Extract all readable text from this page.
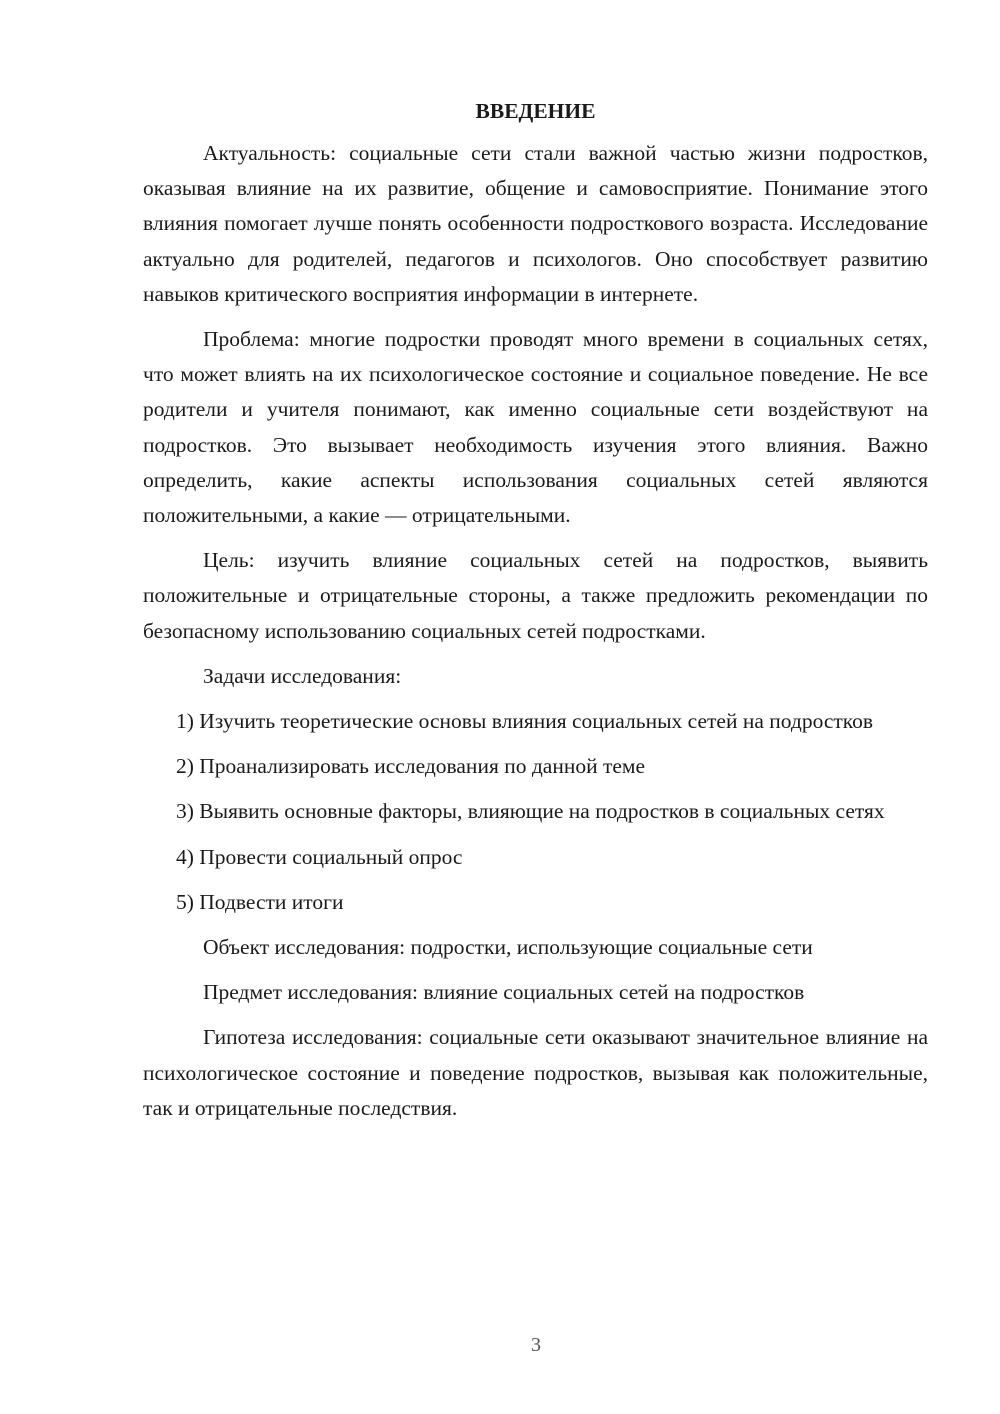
ВВЕДЕНИЕ

Актуальность: социальные сети стали важной частью жизни подростков, оказывая влияние на их развитие, общение и самовосприятие. Понимание этого влияния помогает лучше понять особенности подросткового возраста. Исследование актуально для родителей, педагогов и психологов. Оно способствует развитию навыков критического восприятия информации в интернете.

Проблема: многие подростки проводят много времени в социальных сетях, что может влиять на их психологическое состояние и социальное поведение. Не все родители и учителя понимают, как именно социальные сети воздействуют на подростков. Это вызывает необходимость изучения этого влияния. Важно определить, какие аспекты использования социальных сетей являются положительными, а какие — отрицательными.

Цель: изучить влияние социальных сетей на подростков, выявить положительные и отрицательные стороны, а также предложить рекомендации по безопасному использованию социальных сетей подростками.

Задачи исследования:

1) Изучить теоретические основы влияния социальных сетей на подростков

2) Проанализировать исследования по данной теме

3) Выявить основные факторы, влияющие на подростков в социальных сетях

4) Провести социальный опрос

5) Подвести итоги

Объект исследования: подростки, использующие социальные сети

Предмет исследования: влияние социальных сетей на подростков

Гипотеза исследования: социальные сети оказывают значительное влияние на психологическое состояние и поведение подростков, вызывая как положительные, так и отрицательные последствия.

3
